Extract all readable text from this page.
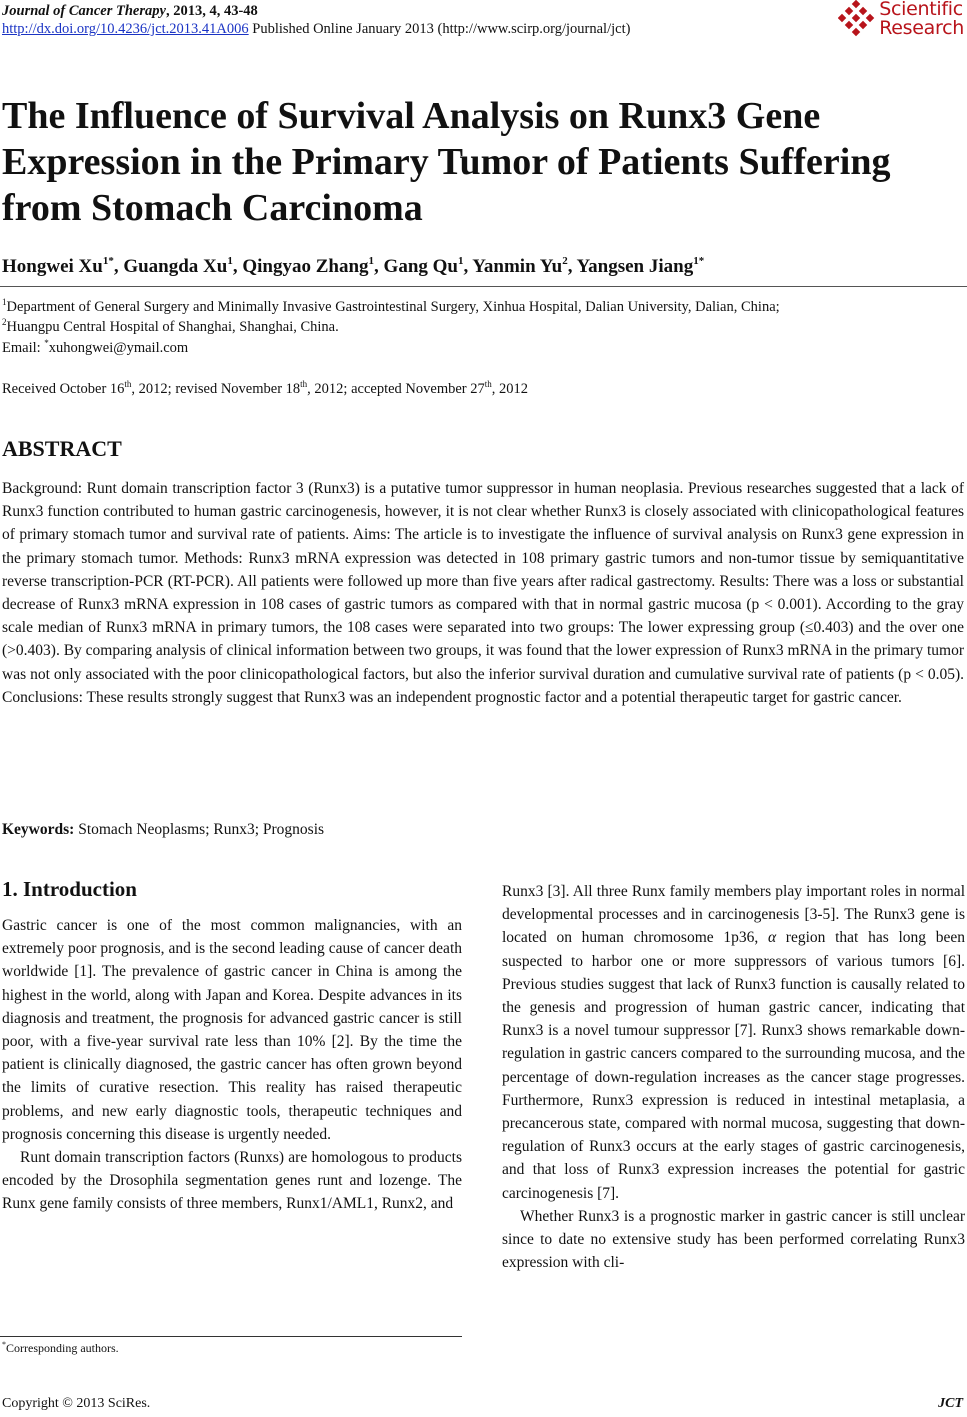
Journal of Cancer Therapy, 2013, 4, 43-48
http://dx.doi.org/10.4236/jct.2013.41A006 Published Online January 2013 (http://www.scirp.org/journal/jct)
Scientific
Research
The Influence of Survival Analysis on Runx3 Gene Expression in the Primary Tumor of Patients Suffering from Stomach Carcinoma
Hongwei $Xu^{1*}$, Guangda Xu$^1$, Qingyao Zhang$^1$, Gang Qu$^1$, Yanmin Yu$^2$, Yangsen Jiang$^{1*}$
$^1$Department of General Surgery and Minimally Invasive Gastrointestinal Surgery, Xinhua Hospital, Dalian University, Dalian, China;
$^2$Huangpu Central Hospital of Shanghai, Shanghai, China.
Email: *xuhongwei@ymail.com
Received October 16th, 2012; revised November 18th, 2012; accepted November 27th, 2012
ABSTRACT
Background: Runt domain transcription factor 3 (Runx3) is a putative tumor suppressor in human neoplasia. Previous researches suggested that a lack of Runx3 function contributed to human gastric carcinogenesis, however, it is not clear whether Runx3 is closely associated with clinicopathological features of primary stomach tumor and survival rate of patients. Aims: The article is to investigate the influence of survival analysis on Runx3 gene expression in the primary stomach tumor. Methods: Runx3 mRNA expression was detected in 108 primary gastric tumors and non-tumor tissue by semiquantitative reverse transcription-PCR (RT-PCR). All patients were followed up more than five years after radical gastrectomy. Results: There was a loss or substantial decrease of Runx3 mRNA expression in 108 cases of gastric tumors as compared with that in normal gastric mucosa (p < 0.001). According to the gray scale median of Runx3 mRNA in primary tumors, the 108 cases were separated into two groups: The lower expressing group (≤0.403) and the over one (>0.403). By comparing analysis of clinical information between two groups, it was found that the lower expression of Runx3 mRNA in the primary tumor was not only associated with the poor clinicopathological factors, but also the inferior survival duration and cumulative survival rate of patients (p < 0.05). Conclusions: These results strongly suggest that Runx3 was an independent prognostic factor and a potential therapeutic target for gastric cancer.
Keywords: Stomach Neoplasms; Runx3; Prognosis
1. Introduction

Gastric cancer is one of the most common malignancies, with an extremely poor prognosis, and is the second leading cause of cancer death worldwide [1]. The prevalence of gastric cancer in China is among the highest in the world, along with Japan and Korea. Despite advances in its diagnosis and treatment, the prognosis for advanced gastric cancer is still poor, with a five-year survival rate less than 10% [2]. By the time the patient is clinically diagnosed, the gastric cancer has often grown beyond the limits of curative resection. This reality has raised therapeutic problems, and new early diagnostic tools, therapeutic techniques and prognosis concerning this disease is urgently needed.

Runt domain transcription factors (Runxs) are homologous to products encoded by the Drosophila segmentation genes runt and lozenge. The Runx gene family consists of three members, Runx1/AML1, Runx2, and

Runx3 [3]. All three Runx family members play important roles in normal developmental processes and in carcinogenesis [3-5]. The Runx3 gene is located on human chromosome 1p36, α region that has long been suspected to harbor one or more suppressors of various tumors [6]. Previous studies suggest that lack of Runx3 function is causally related to the genesis and progression of human gastric cancer, indicating that Runx3 is a novel tumour suppressor [7]. Runx3 shows remarkable down-regulation in gastric cancers compared to the surrounding mucosa, and the percentage of down-regulation increases as the cancer stage progresses. Furthermore, Runx3 expression is reduced in intestinal metaplasia, a precancerous state, compared with normal mucosa, suggesting that down-regulation of Runx3 occurs at the early stages of gastric carcinogenesis, and that loss of Runx3 expression increases the potential for gastric carcinogenesis [7].

Whether Runx3 is a prognostic marker in gastric cancer is still unclear since to date no extensive study has been performed correlating Runx3 expression with cli-

*Corresponding authors.
Copyright © 2013 SciRes.	JCT
